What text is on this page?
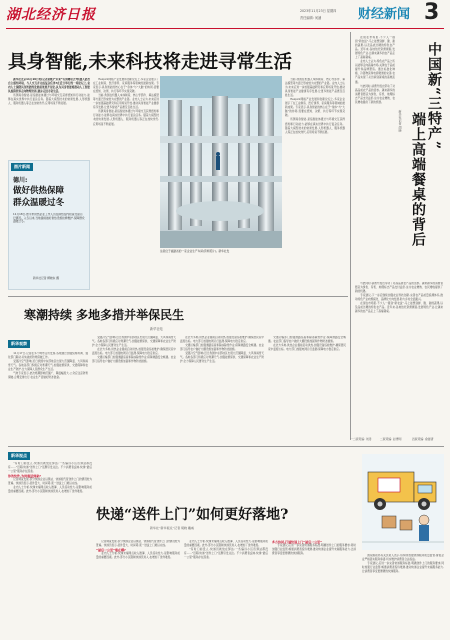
湖北经济日报	2023年11月23日 星期四 财经新闻 3
责任编辑: 何涵
具身智能,未来科技将走进寻常生活

新华社北京11月19日电(记者黄筱)“未来”有到哪里去?机器人能否自主感知环境、与人交互并完成复杂任务?在近日举行的一场论坛上,业内人士围绕具身智能的发展前景展开讨论,认为具身智能将推动人工智能从虚拟世界走向物理世界,逐步走进寻常生活。

所谓具身智能,是指智能体通过与环境交互获得感知和行动能力,能够在真实世界中执行复杂任务。随着大模型技术的快速发展,人形机器人、服务机器人等正在加快迭代,应用场景不断拓展。

Hexpick网格产业发展和创新论坛上,多家企业展示了在工业制造、医疗康养、家庭服务等领域的最新成果。专家表示,具身智能的核心在于“身体”与“大脑”的协同,需要在感知、决策、执行等环节实现突破。

当前,我国在机器人本体制造、核心零部件、算法模型等方面已形成较为完整的产业链。业内人士认为,未来应进一步加强基础研究和应用场景开放,推动具身智能产业健康有序发展,让更多智能产品惠及百姓生活。

所谓具身智能,是指智能体通过与环境交互获得感知和行动能力,能够在真实世界中执行复杂任务。随着大模型技术的快速发展,人形机器人、服务机器人等正在加快迭代,应用场景不断拓展。

这是位于福建省的一家企业生产车间(资料照片)。新华社发

当前,我国在机器人本体制造、核心零部件、算法模型等方面已形成较为完整的产业链。业内人士认为,未来应进一步加强基础研究和应用场景开放,推动具身智能产业健康有序发展,让更多智能产品惠及百姓生活。

Hexpick网格产业发展和创新论坛上,多家企业展示了在工业制造、医疗康养、家庭服务等领域的最新成果。专家表示,具身智能的核心在于“身体”与“大脑”的协同,需要在感知、决策、执行等环节实现突破。

所谓具身智能,是指智能体通过与环境交互获得感知和行动能力,能够在真实世界中执行复杂任务。随着大模型技术的快速发展,人形机器人、服务机器人等正在加快迭代,应用场景不断拓展。

图片新闻
德川:
做好供热保障
群众温暖过冬
11月18日,德川市供热企业工作人员在换热站内检查设备运行情况。入冬以来,当地提前做好供热设施检修维护,保障群众温暖过冬。
新华社记者 柳晓东 摄
寒潮持续 多地多措并举保民生
新华社电
新华观察

11月17日,记者在多个城市走访发现,各地通过加强统筹协调、强化部门联动,切实做好防寒保暖工作。

受强冷空气影响,近日我国中东部地区出现大范围降温、大风和雨雪天气。各地各部门积极应对寒潮天气,加强能源保供、交通保障和农业生产防护,全力保障人民群众生产生活。

气象专家表示,此次寒潮影响范围广、降温幅度大,公众应注意防寒保暖,合理安排出行,农业生产需做好防冻准备。

受强冷空气影响,近日我国中东部地区出现大范围降温、大风和雨雪天气。各地各部门积极应对寒潮天气,加强能源保供、交通保障和农业生产防护,全力保障人民群众生产生活。

在北方多地,供热企业提前启动供热,加强设备巡检维护,确保居民家中温度达标。电力部门加强电网运行监测,保障电力稳定供应。

交通运输部门加强道路巡查和除冰除雪作业,保障道路安全畅通。农业部门指导农户做好大棚设施加固和作物防冻措施。

在北方多地,供热企业提前启动供热,加强设备巡检维护,确保居民家中温度达标。电力部门加强电网运行监测,保障电力稳定供应。

交通运输部门加强道路巡查和除冰除雪作业,保障道路安全畅通。农业部门指导农户做好大棚设施加固和作物防冻措施。

受强冷空气影响,近日我国中东部地区出现大范围降温、大风和雨雪天气。各地各部门积极应对寒潮天气,加强能源保供、交通保障和农业生产防护,全力保障人民群众生产生活。

交通运输部门加强道路巡查和除冰除雪作业,保障道路安全畅通。农业部门指导农户做好大棚设施加固和作物防冻措施。

在北方多地,供热企业提前启动供热,加强设备巡检维护,确保居民家中温度达标。电力部门加强电网运行监测,保障电力稳定供应。

中国新“三特产”
端上高端餐桌的背后
新华社记者 胡晓

在现在市场里,不少人一提到“新农货”,马上能想到鲜、脆、甜的蔬果,以及品质过硬的特色农产品。近年来,各地依托资源禀赋,发展特色产业,让越来越多的农产品走上了高端餐桌。

业内人士认为,特色农产品之所以能够走向高端市场,关键在于品质提升和品牌塑造。通过标准化种植、冷链物流和电商渠道的完善,农产品实现了从田间到餐桌的高效流通。

与此同时,消费升级也带动了对高品质农产品的需求。越来越多的消费者愿意为绿色、有机、地理标志产品支付溢价,这为农业增效、农民增收提供了新的机遇。

与此同时,消费升级也带动了对高品质农产品的需求。越来越多的消费者愿意为绿色、有机、地理标志产品支付溢价,这为农业增效、农民增收提供了新的机遇。

专家建议,下一步应继续加强农业科技创新,完善农产品质量追溯体系,推动特色产业向规模化、品牌化方向发展,助力乡村全面振兴。

在现在市场里,不少人一提到“新农货”,马上能想到鲜、脆、甜的蔬果,以及品质过硬的特色农产品。近年来,各地依托资源禀赋,发展特色产业,让越来越多的农产品走上了高端餐桌。

一二版责编: 刘涛	二版责编: 赵博闻	四版责编: 俞晏清
新华视点
快递“送件上门”如何更好落地?
新华社“新华视点”记者 胡晓 戴威

“有时门前没人,快递员就放在驿站;一些偏远小区连驿站都没有……”近期,快递“送件上门”话题引发关注。不少消费者反映,快递“最后一公里”服务存在落差。

你的快件,为何难送到家?

记者调查发现,部分快递企业以驿站、快递柜代替送件上门的情况较为普遍。快递员表示,派件量大、时间紧,逐一送货上门难以完成。

业内人士分析,快递末端网点收入微薄、人员流动性大,是影响服务质量的重要因素。此外,部分小区限制快递员进入,也增加了送件难度。

记者调查发现,部分快递企业以驿站、快递柜代替送件上门的情况较为普遍。快递员表示,派件量大、时间紧,逐一送货上门难以完成。

“最后一公里”难在哪?

业内人士分析,快递末端网点收入微薄、人员流动性大,是影响服务质量的重要因素。此外,部分小区限制快递员进入,也增加了送件难度。

业内人士分析,快递末端网点收入微薄、人员流动性大,是影响服务质量的重要因素。此外,部分小区限制快递员进入,也增加了送件难度。

“有时门前没人,快递员就放在驿站;一些偏远小区连驿站都没有……”近期,快递“送件上门”话题引发关注。不少消费者反映,快递“最后一公里”服务存在落差。

多方协同,打通快递上门“最后一公里”

专家建议,应进一步完善快递服务标准,明确送件上门的服务要求;同时加强行业监管,畅通消费者投诉渠道,推动快递企业提升末端服务能力,让消费者享受更便捷的快递服务。

国家邮政局有关负责人表示,将持续加强快递服务质量监管,督促企业严格落实服务承诺,切实维护消费者合法权益。

专家建议,应进一步完善快递服务标准,明确送件上门的服务要求;同时加强行业监管,畅通消费者投诉渠道,推动快递企业提升末端服务能力,让消费者享受更便捷的快递服务。
